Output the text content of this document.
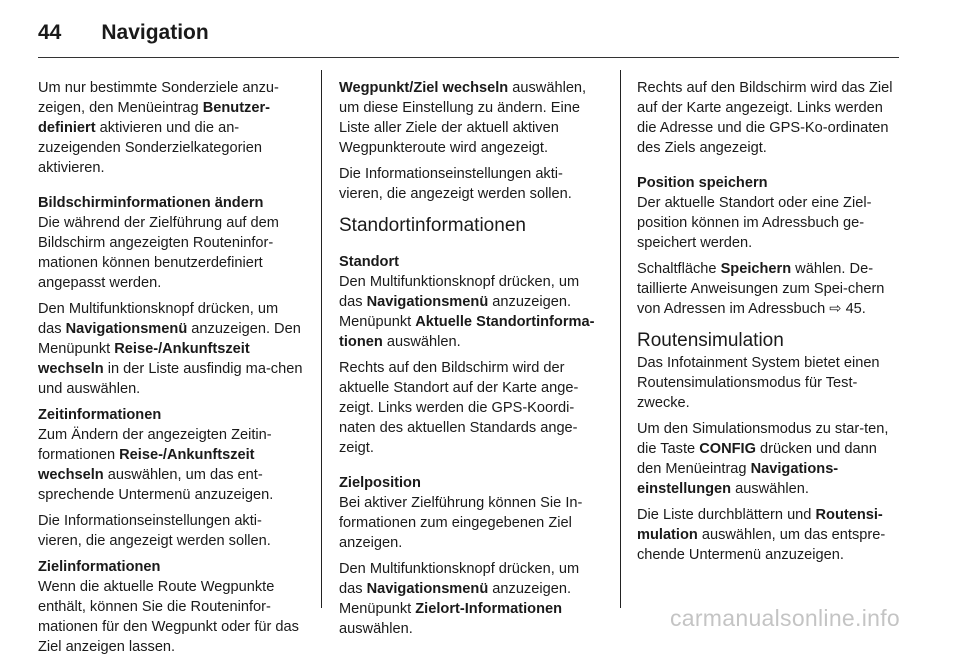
44 Navigation

Um nur bestimmte Sonderziele anzu-zeigen, den Menüeintrag Benutzer-definiert aktivieren und die an-zuzeigenden Sonderzielkategorien aktivieren.

Bildschirminformationen ändern

Die während der Zielführung auf dem Bildschirm angezeigten Routeninfor-mationen können benutzerdefiniert angepasst werden.

Den Multifunktionsknopf drücken, um das Navigationsmenü anzuzeigen. Den Menüpunkt Reise-/Ankunftszeit wechseln in der Liste ausfindig ma-chen und auswählen.

Zeitinformationen

Zum Ändern der angezeigten Zeitin-formationen Reise-/Ankunftszeit wechseln auswählen, um das ent-sprechende Untermenü anzuzeigen.

Die Informationseinstellungen akti-vieren, die angezeigt werden sollen.

Zielinformationen

Wenn die aktuelle Route Wegpunkte enthält, können Sie die Routeninfor-mationen für den Wegpunkt oder für das Ziel anzeigen lassen.

Wegpunkt/Ziel wechseln auswählen, um diese Einstellung zu ändern. Eine Liste aller Ziele der aktuell aktiven Wegpunkteroute wird angezeigt.

Die Informationseinstellungen akti-vieren, die angezeigt werden sollen.

Standortinformationen

Standort

Den Multifunktionsknopf drücken, um das Navigationsmenü anzuzeigen. Menüpunkt Aktuelle Standortinforma-tionen auswählen.

Rechts auf den Bildschirm wird der aktuelle Standort auf der Karte ange-zeigt. Links werden die GPS-Koordi-naten des aktuellen Standards ange-zeigt.

Zielposition

Bei aktiver Zielführung können Sie In-formationen zum eingegebenen Ziel anzeigen.

Den Multifunktionsknopf drücken, um das Navigationsmenü anzuzeigen. Menüpunkt Zielort-Informationen auswählen.

Rechts auf den Bildschirm wird das Ziel auf der Karte angezeigt. Links werden die Adresse und die GPS-Ko-ordinaten des Ziels angezeigt.

Position speichern

Der aktuelle Standort oder eine Ziel-position können im Adressbuch ge-speichert werden.

Schaltfläche Speichern wählen. De-taillierte Anweisungen zum Spei-chern von Adressen im Adressbuch ⇨ 45.

Routensimulation

Das Infotainment System bietet einen Routensimulationsmodus für Test-zwecke.

Um den Simulationsmodus zu star-ten, die Taste CONFIG drücken und dann den Menüeintrag Navigations-einstellungen auswählen.

Die Liste durchblättern und Routensi-mulation auswählen, um das entspre-chende Untermenü anzuzeigen.

carmanualsonline.info
